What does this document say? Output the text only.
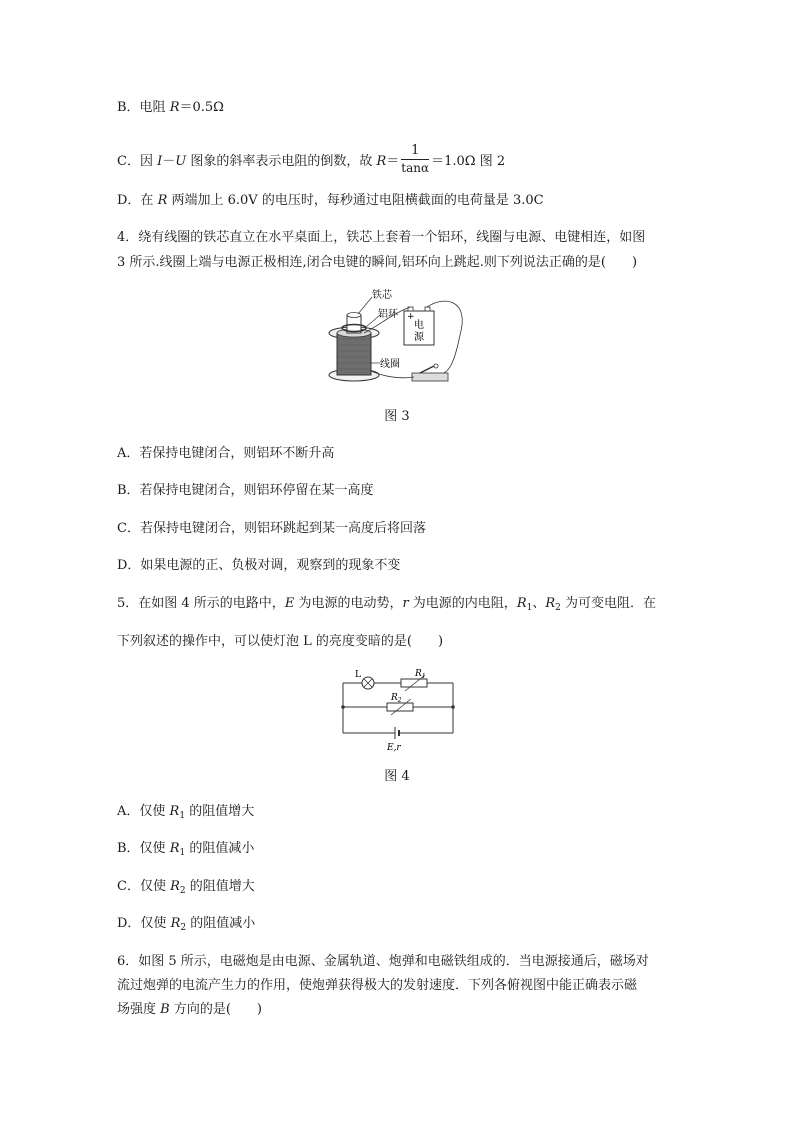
B．电阻 R＝0.5Ω
C．因 I－U 图象的斜率表示电阻的倒数，故 $R= \frac{1}{\tan\alpha} =1.0\Omega$ 图 2
D．在 R 两端加上 6.0V 的电压时，每秒通过电阻横截面的电荷量是 3.0C
4．绕有线圈的铁芯直立在水平桌面上，铁芯上套着一个铝环，线圈与电源、电键相连，如图
3 所示.线圈上端与电源正极相连,闭合电键的瞬间,铝环向上跳起.则下列说法正确的是(　　)
铁芯
铝环
线圈
+
电
源
图 3
A．若保持电键闭合，则铝环不断升高
B．若保持电键闭合，则铝环停留在某一高度
C．若保持电键闭合，则铝环跳起到某一高度后将回落
D．如果电源的正、负极对调，观察到的现象不变
5．在如图 4 所示的电路中，E 为电源的电动势，r 为电源的内电阻，$R_1$、$R_2$ 为可变电阻．在
下列叙述的操作中，可以使灯泡 L 的亮度变暗的是(　　)
L	$R_1$
$R_2$
E,r
图 4
A．仅使 $R_1$ 的阻值增大
B．仅使 $R_1$ 的阻值减小
C．仅使 $R_2$ 的阻值增大
D．仅使 $R_2$ 的阻值减小
6．如图 5 所示，电磁炮是由电源、金属轨道、炮弹和电磁铁组成的．当电源接通后，磁场对
流过炮弹的电流产生力的作用，使炮弹获得极大的发射速度．下列各俯视图中能正确表示磁
场强度 B 方向的是(　　)
